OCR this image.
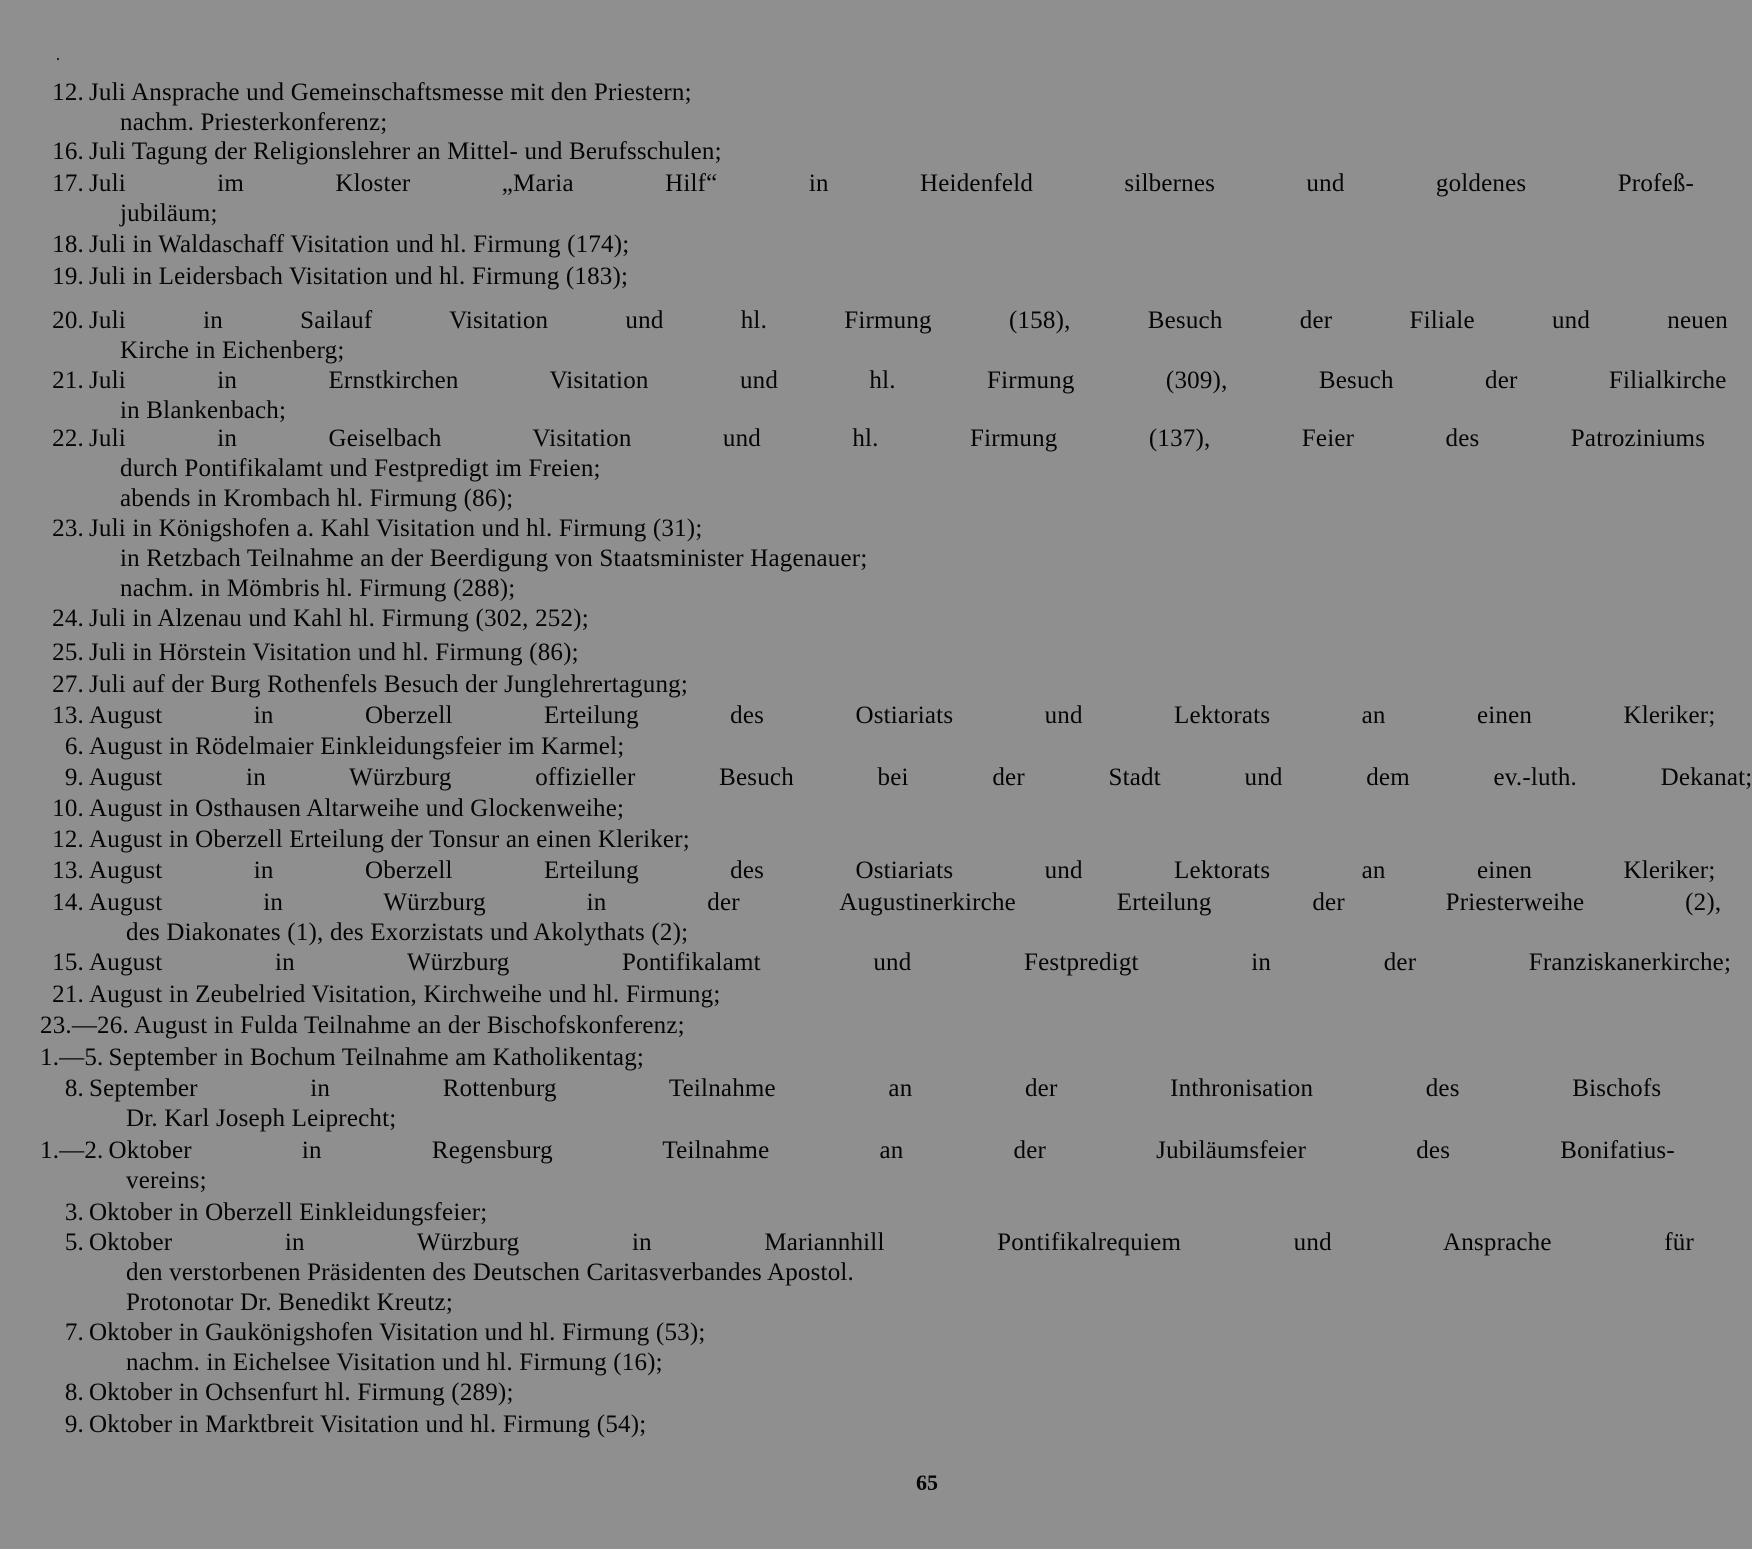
12. Juli Ansprache und Gemeinschaftsmesse mit den Priestern;
nachm. Priesterkonferenz;
16. Juli Tagung der Religionslehrer an Mittel- und Berufsschulen;
17. Juli im Kloster „Maria Hilf“ in Heidenfeld silbernes und goldenes Profeß-
jubiläum;
18. Juli in Waldaschaff Visitation und hl. Firmung (174);
19. Juli in Leidersbach Visitation und hl. Firmung (183);
20. Juli in Sailauf Visitation und hl. Firmung (158), Besuch der Filiale und neuen
Kirche in Eichenberg;
21. Juli in Ernstkirchen Visitation und hl. Firmung (309), Besuch der Filialkirche
in Blankenbach;
22. Juli in Geiselbach Visitation und hl. Firmung (137), Feier des Patroziniums
durch Pontifikalamt und Festpredigt im Freien;
abends in Krombach hl. Firmung (86);
23. Juli in Königshofen a. Kahl Visitation und hl. Firmung (31);
in Retzbach Teilnahme an der Beerdigung von Staatsminister Hagenauer;
nachm. in Mömbris hl. Firmung (288);
24. Juli in Alzenau und Kahl hl. Firmung (302, 252);
25. Juli in Hörstein Visitation und hl. Firmung (86);
27. Juli auf der Burg Rothenfels Besuch der Junglehrertagung;
13. August in Oberzell Erteilung des Ostiariats und Lektorats an einen Kleriker;
6. August in Rödelmaier Einkleidungsfeier im Karmel;
9. August in Würzburg offizieller Besuch bei der Stadt und dem ev.-luth. Dekanat;
10. August in Osthausen Altarweihe und Glockenweihe;
12. August in Oberzell Erteilung der Tonsur an einen Kleriker;
13. August in Oberzell Erteilung des Ostiariats und Lektorats an einen Kleriker;
14. August in Würzburg in der Augustinerkirche Erteilung der Priesterweihe (2),
des Diakonates (1), des Exorzistats und Akolythats (2);
15. August in Würzburg Pontifikalamt und Festpredigt in der Franziskanerkirche;
21. August in Zeubelried Visitation, Kirchweihe und hl. Firmung;
23.—26. August in Fulda Teilnahme an der Bischofskonferenz;
1.—5. September in Bochum Teilnahme am Katholikentag;
8. September in Rottenburg Teilnahme an der Inthronisation des Bischofs
Dr. Karl Joseph Leiprecht;
1.—2. Oktober in Regensburg Teilnahme an der Jubiläumsfeier des Bonifatius-
vereins;
3. Oktober in Oberzell Einkleidungsfeier;
5. Oktober in Würzburg in Mariannhill Pontifikalrequiem und Ansprache für
den verstorbenen Präsidenten des Deutschen Caritasverbandes Apostol.
Protonotar Dr. Benedikt Kreutz;
7. Oktober in Gaukönigshofen Visitation und hl. Firmung (53);
nachm. in Eichelsee Visitation und hl. Firmung (16);
8. Oktober in Ochsenfurt hl. Firmung (289);
9. Oktober in Marktbreit Visitation und hl. Firmung (54);
65
